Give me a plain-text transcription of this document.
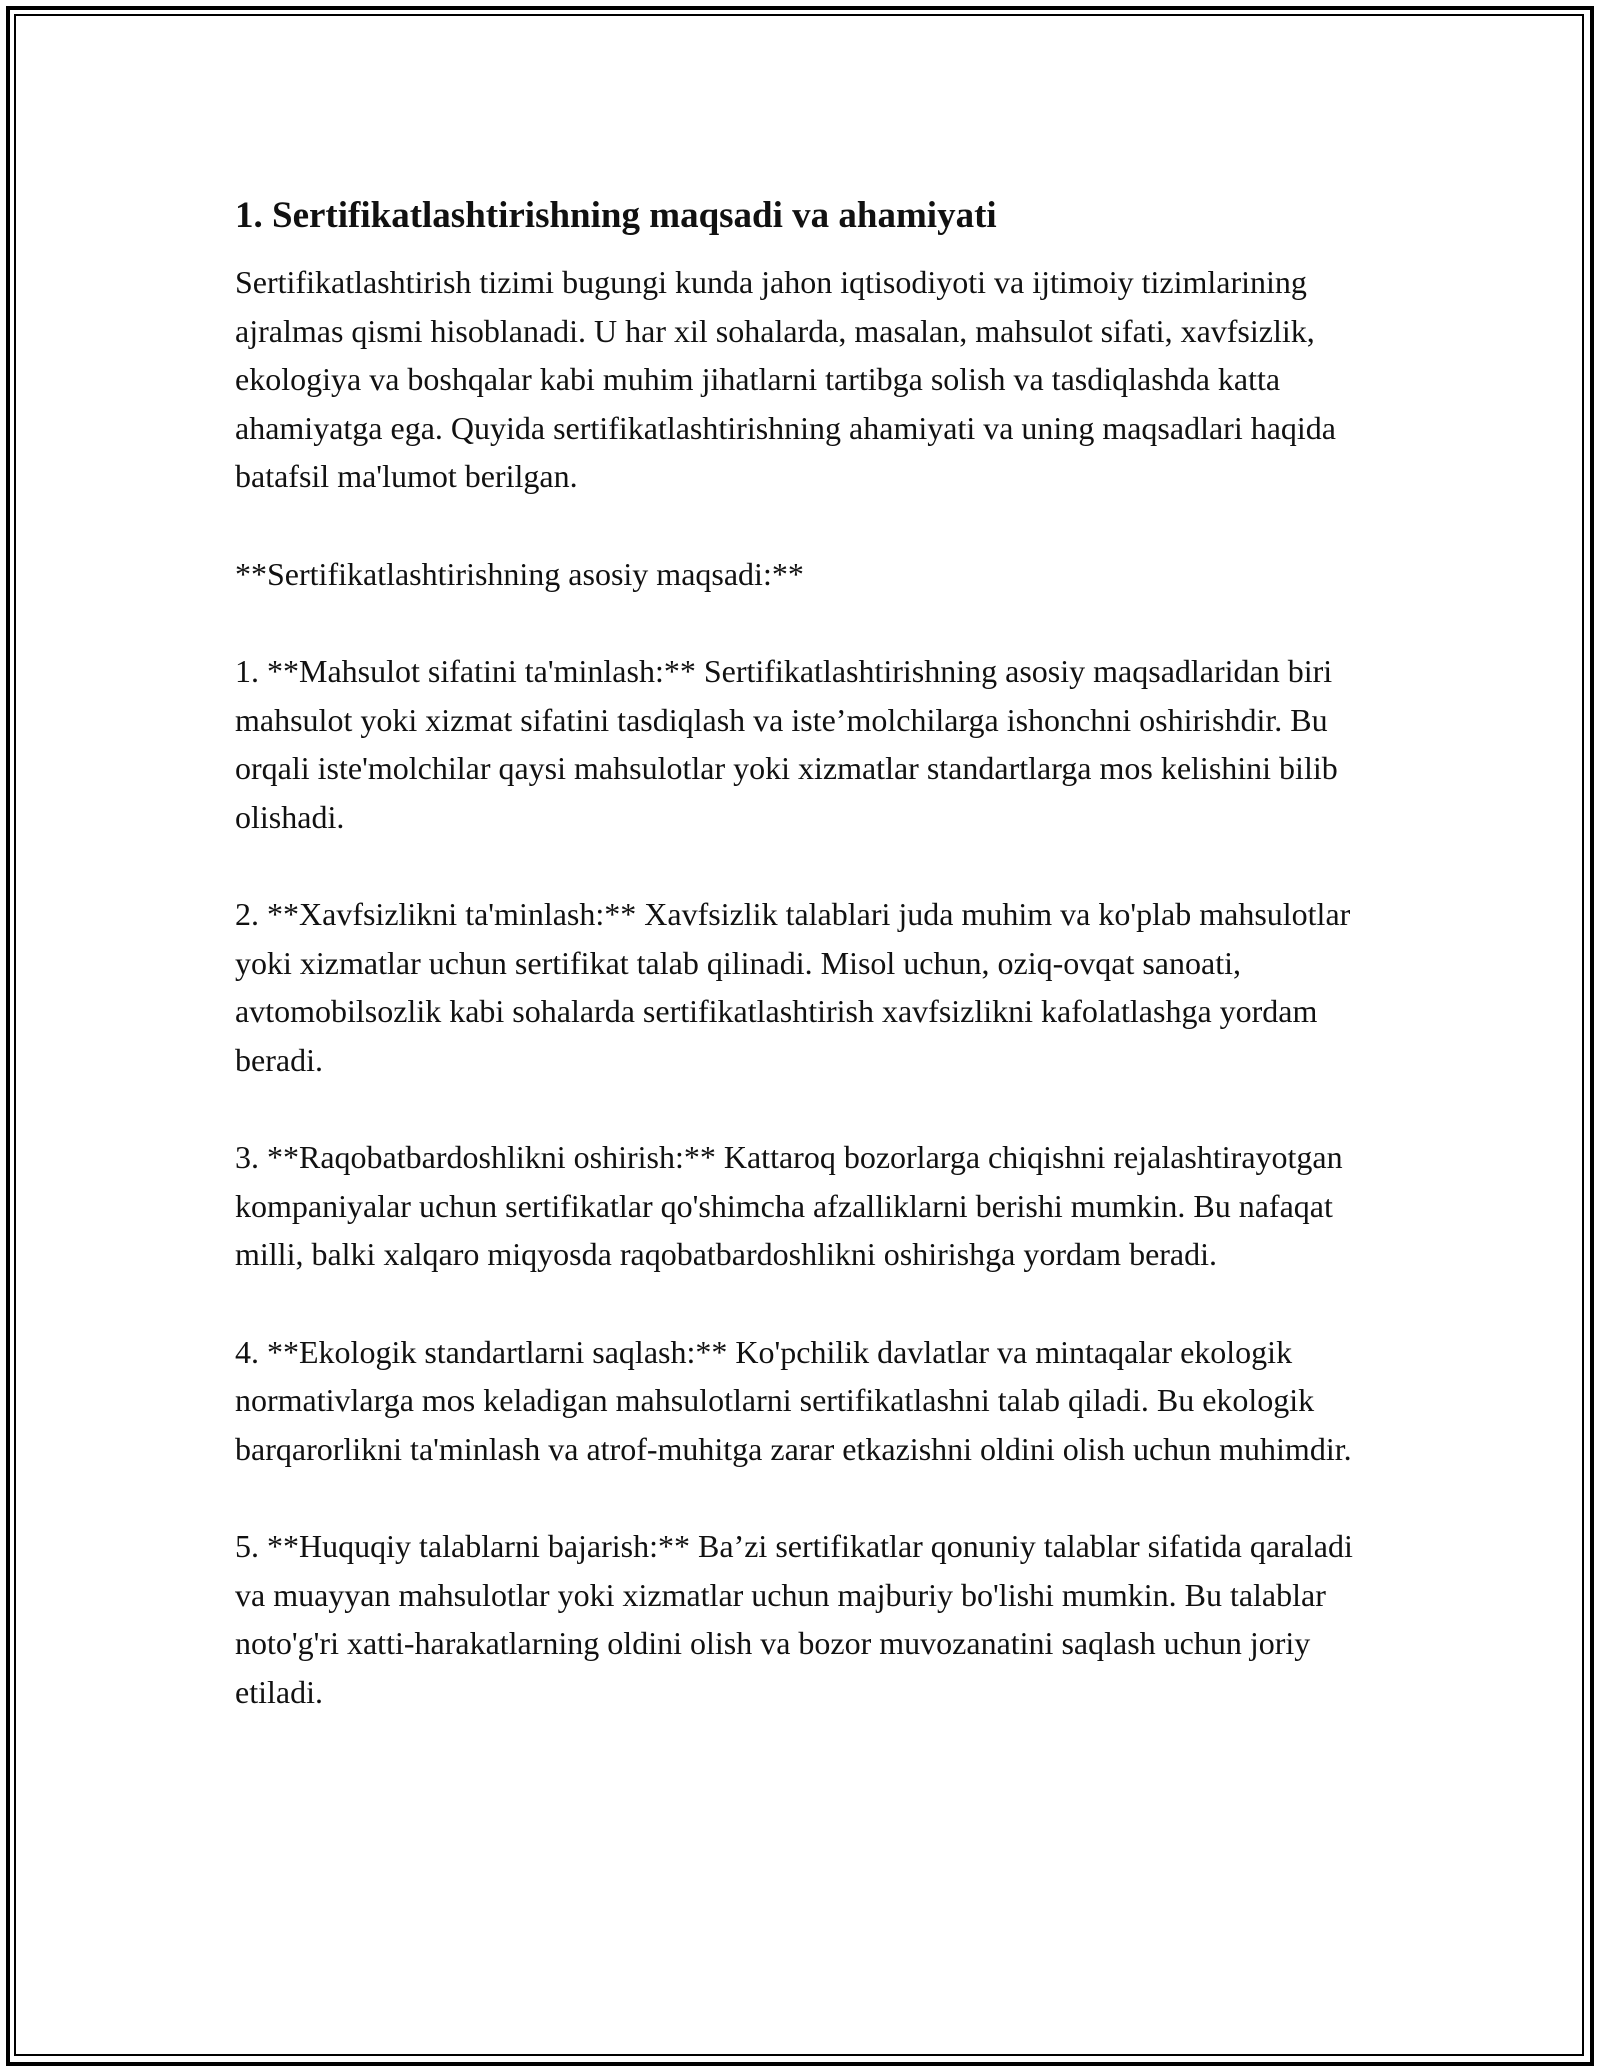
1. Sertifikatlashtirishning maqsadi va ahamiyati

Sertifikatlashtirish tizimi bugungi kunda jahon iqtisodiyoti va ijtimoiy tizimlarining ajralmas qismi hisoblanadi. U har xil sohalarda, masalan, mahsulot sifati, xavfsizlik, ekologiya va boshqalar kabi muhim jihatlarni tartibga solish va tasdiqlashda katta ahamiyatga ega. Quyida sertifikatlashtirishning ahamiyati va uning maqsadlari haqida batafsil ma'lumot berilgan.

**Sertifikatlashtirishning asosiy maqsadi:**

1. **Mahsulot sifatini ta'minlash:** Sertifikatlashtirishning asosiy maqsadlaridan biri mahsulot yoki xizmat sifatini tasdiqlash va iste’molchilarga ishonchni oshirishdir. Bu orqali iste'molchilar qaysi mahsulotlar yoki xizmatlar standartlarga mos kelishini bilib olishadi.

2. **Xavfsizlikni ta'minlash:** Xavfsizlik talablari juda muhim va ko'plab mahsulotlar yoki xizmatlar uchun sertifikat talab qilinadi. Misol uchun, oziq-ovqat sanoati, avtomobilsozlik kabi sohalarda sertifikatlashtirish xavfsizlikni kafolatlashga yordam beradi.

3. **Raqobatbardoshlikni oshirish:** Kattaroq bozorlarga chiqishni rejalashtirayotgan kompaniyalar uchun sertifikatlar qo'shimcha afzalliklarni berishi mumkin. Bu nafaqat milli, balki xalqaro miqyosda raqobatbardoshlikni oshirishga yordam beradi.

4. **Ekologik standartlarni saqlash:** Ko'pchilik davlatlar va mintaqalar ekologik normativlarga mos keladigan mahsulotlarni sertifikatlashni talab qiladi. Bu ekologik barqarorlikni ta'minlash va atrof-muhitga zarar etkazishni oldini olish uchun muhimdir.

5. **Huquqiy talablarni bajarish:** Ba’zi sertifikatlar qonuniy talablar sifatida qaraladi va muayyan mahsulotlar yoki xizmatlar uchun majburiy bo'lishi mumkin. Bu talablar noto'g'ri xatti-harakatlarning oldini olish va bozor muvozanatini saqlash uchun joriy etiladi.
